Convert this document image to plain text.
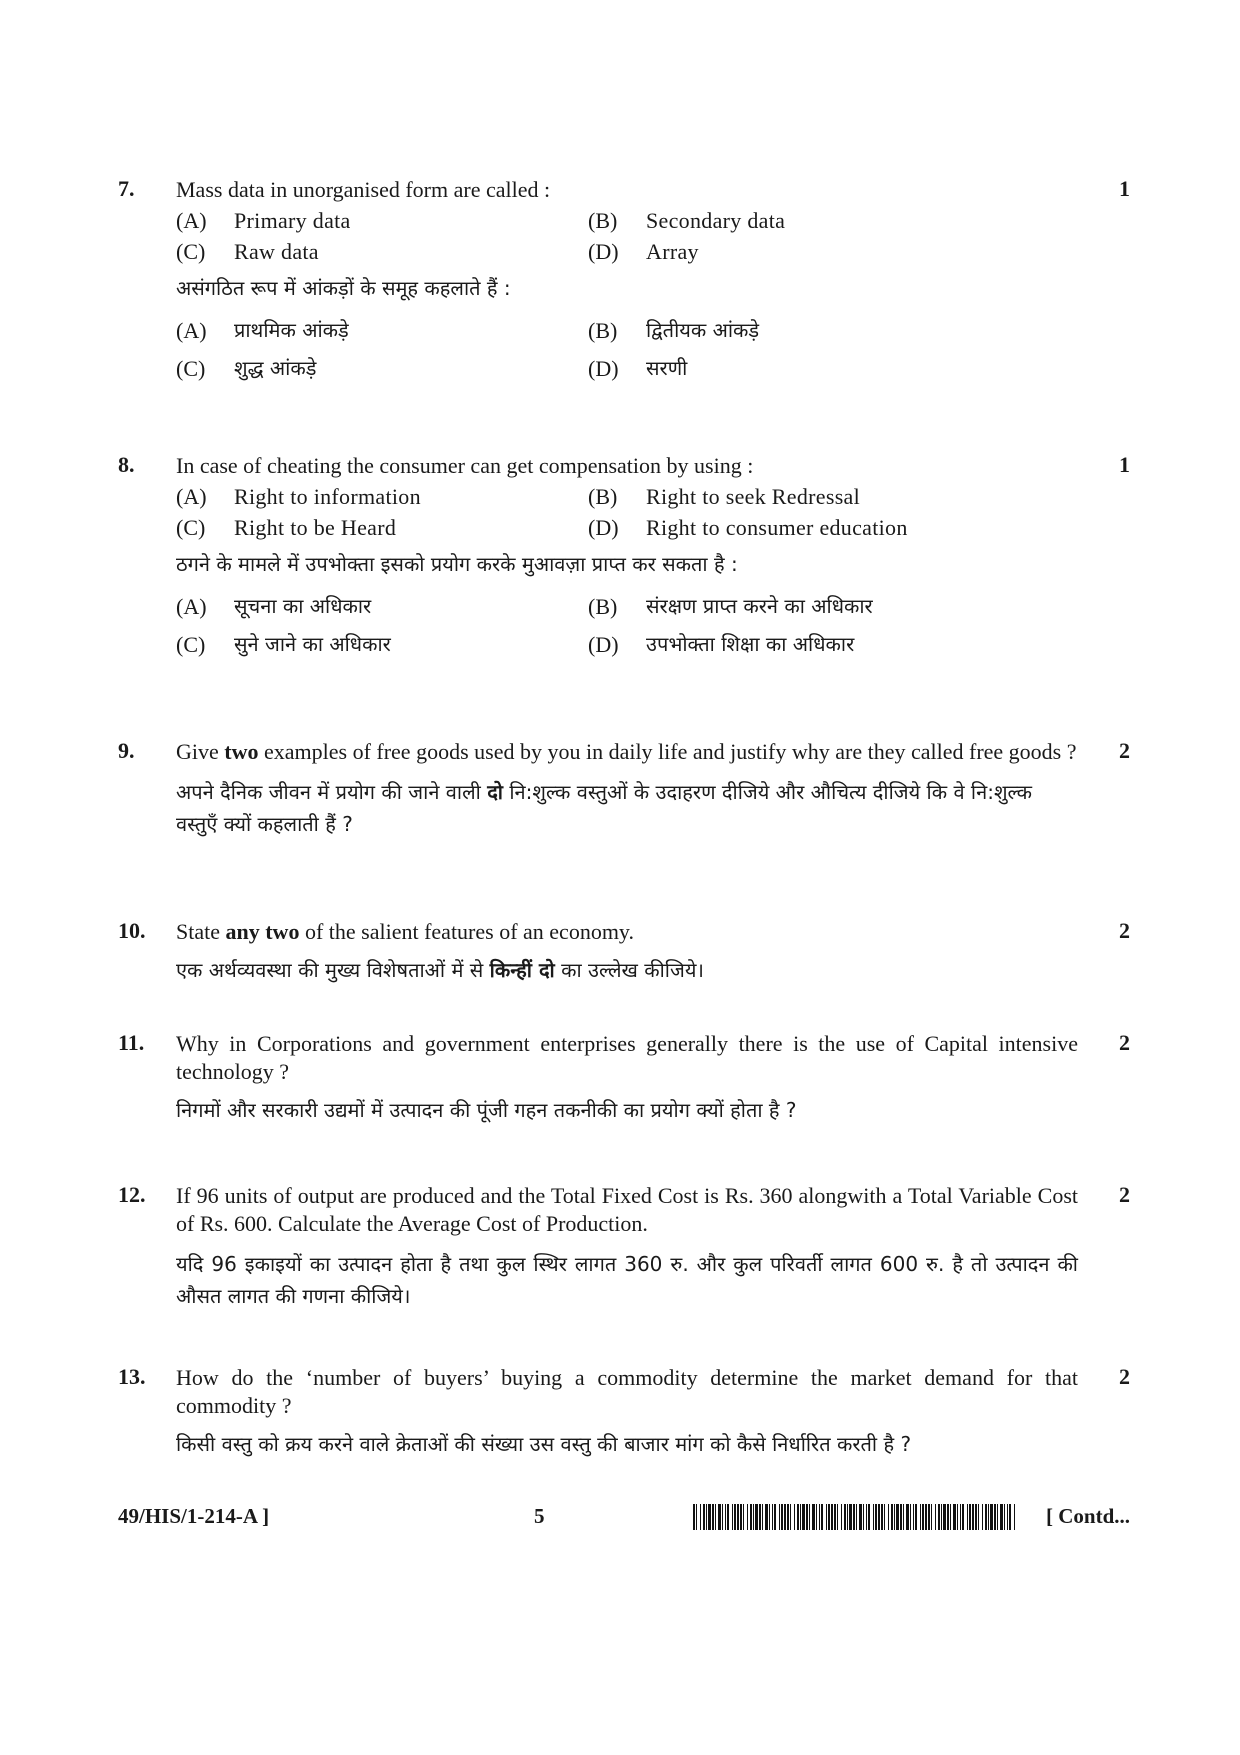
7.	Mass data in unorganised form are called :

(A)	Primary data	(B)	Secondary data
(C)	Raw data	(D)	Array

असंगठित रूप में आंकड़ों के समूह कहलाते हैं :

(A)	प्राथमिक आंकड़े	(B)	द्वितीयक आंकड़े
(C)	शुद्ध आंकड़े	(D)	सरणी
1
8.	In case of cheating the consumer can get compensation by using :

(A)	Right to information	(B)	Right to seek Redressal
(C)	Right to be Heard	(D)	Right to consumer education

ठगने के मामले में उपभोक्ता इसको प्रयोग करके मुआवज़ा प्राप्त कर सकता है :

(A)	सूचना का अधिकार	(B)	संरक्षण प्राप्त करने का अधिकार
(C)	सुने जाने का अधिकार	(D)	उपभोक्ता शिक्षा का अधिकार
1
9.	Give two examples of free goods used by you in daily life and justify why are they called free goods ?

अपने दैनिक जीवन में प्रयोग की जाने वाली दो नि:शुल्क वस्तुओं के उदाहरण दीजिये और औचित्य दीजिये कि वे नि:शुल्क वस्तुएँ क्यों कहलाती हैं ?

2
10.	State any two of the salient features of an economy.

एक अर्थव्यवस्था की मुख्य विशेषताओं में से किन्हीं दो का उल्लेख कीजिये।

2
11.	Why in Corporations and government enterprises generally there is the use of Capital intensive technology ?

निगमों और सरकारी उद्यमों में उत्पादन की पूंजी गहन तकनीकी का प्रयोग क्यों होता है ?

2
12.	If 96 units of output are produced and the Total Fixed Cost is Rs. 360 alongwith a Total Variable Cost of Rs. 600. Calculate the Average Cost of Production.

यदि 96 इकाइयों का उत्पादन होता है तथा कुल स्थिर लागत 360 रु. और कुल परिवर्ती लागत 600 रु. है तो उत्पादन की औसत लागत की गणना कीजिये।

2
13.	How do the ‘number of buyers’ buying a commodity determine the market demand for that commodity ?

किसी वस्तु को क्रय करने वाले क्रेताओं की संख्या उस वस्तु की बाजार मांग को कैसे निर्धारित करती है ?

2
49/HIS/1-214-A ]	5	[ Contd...
